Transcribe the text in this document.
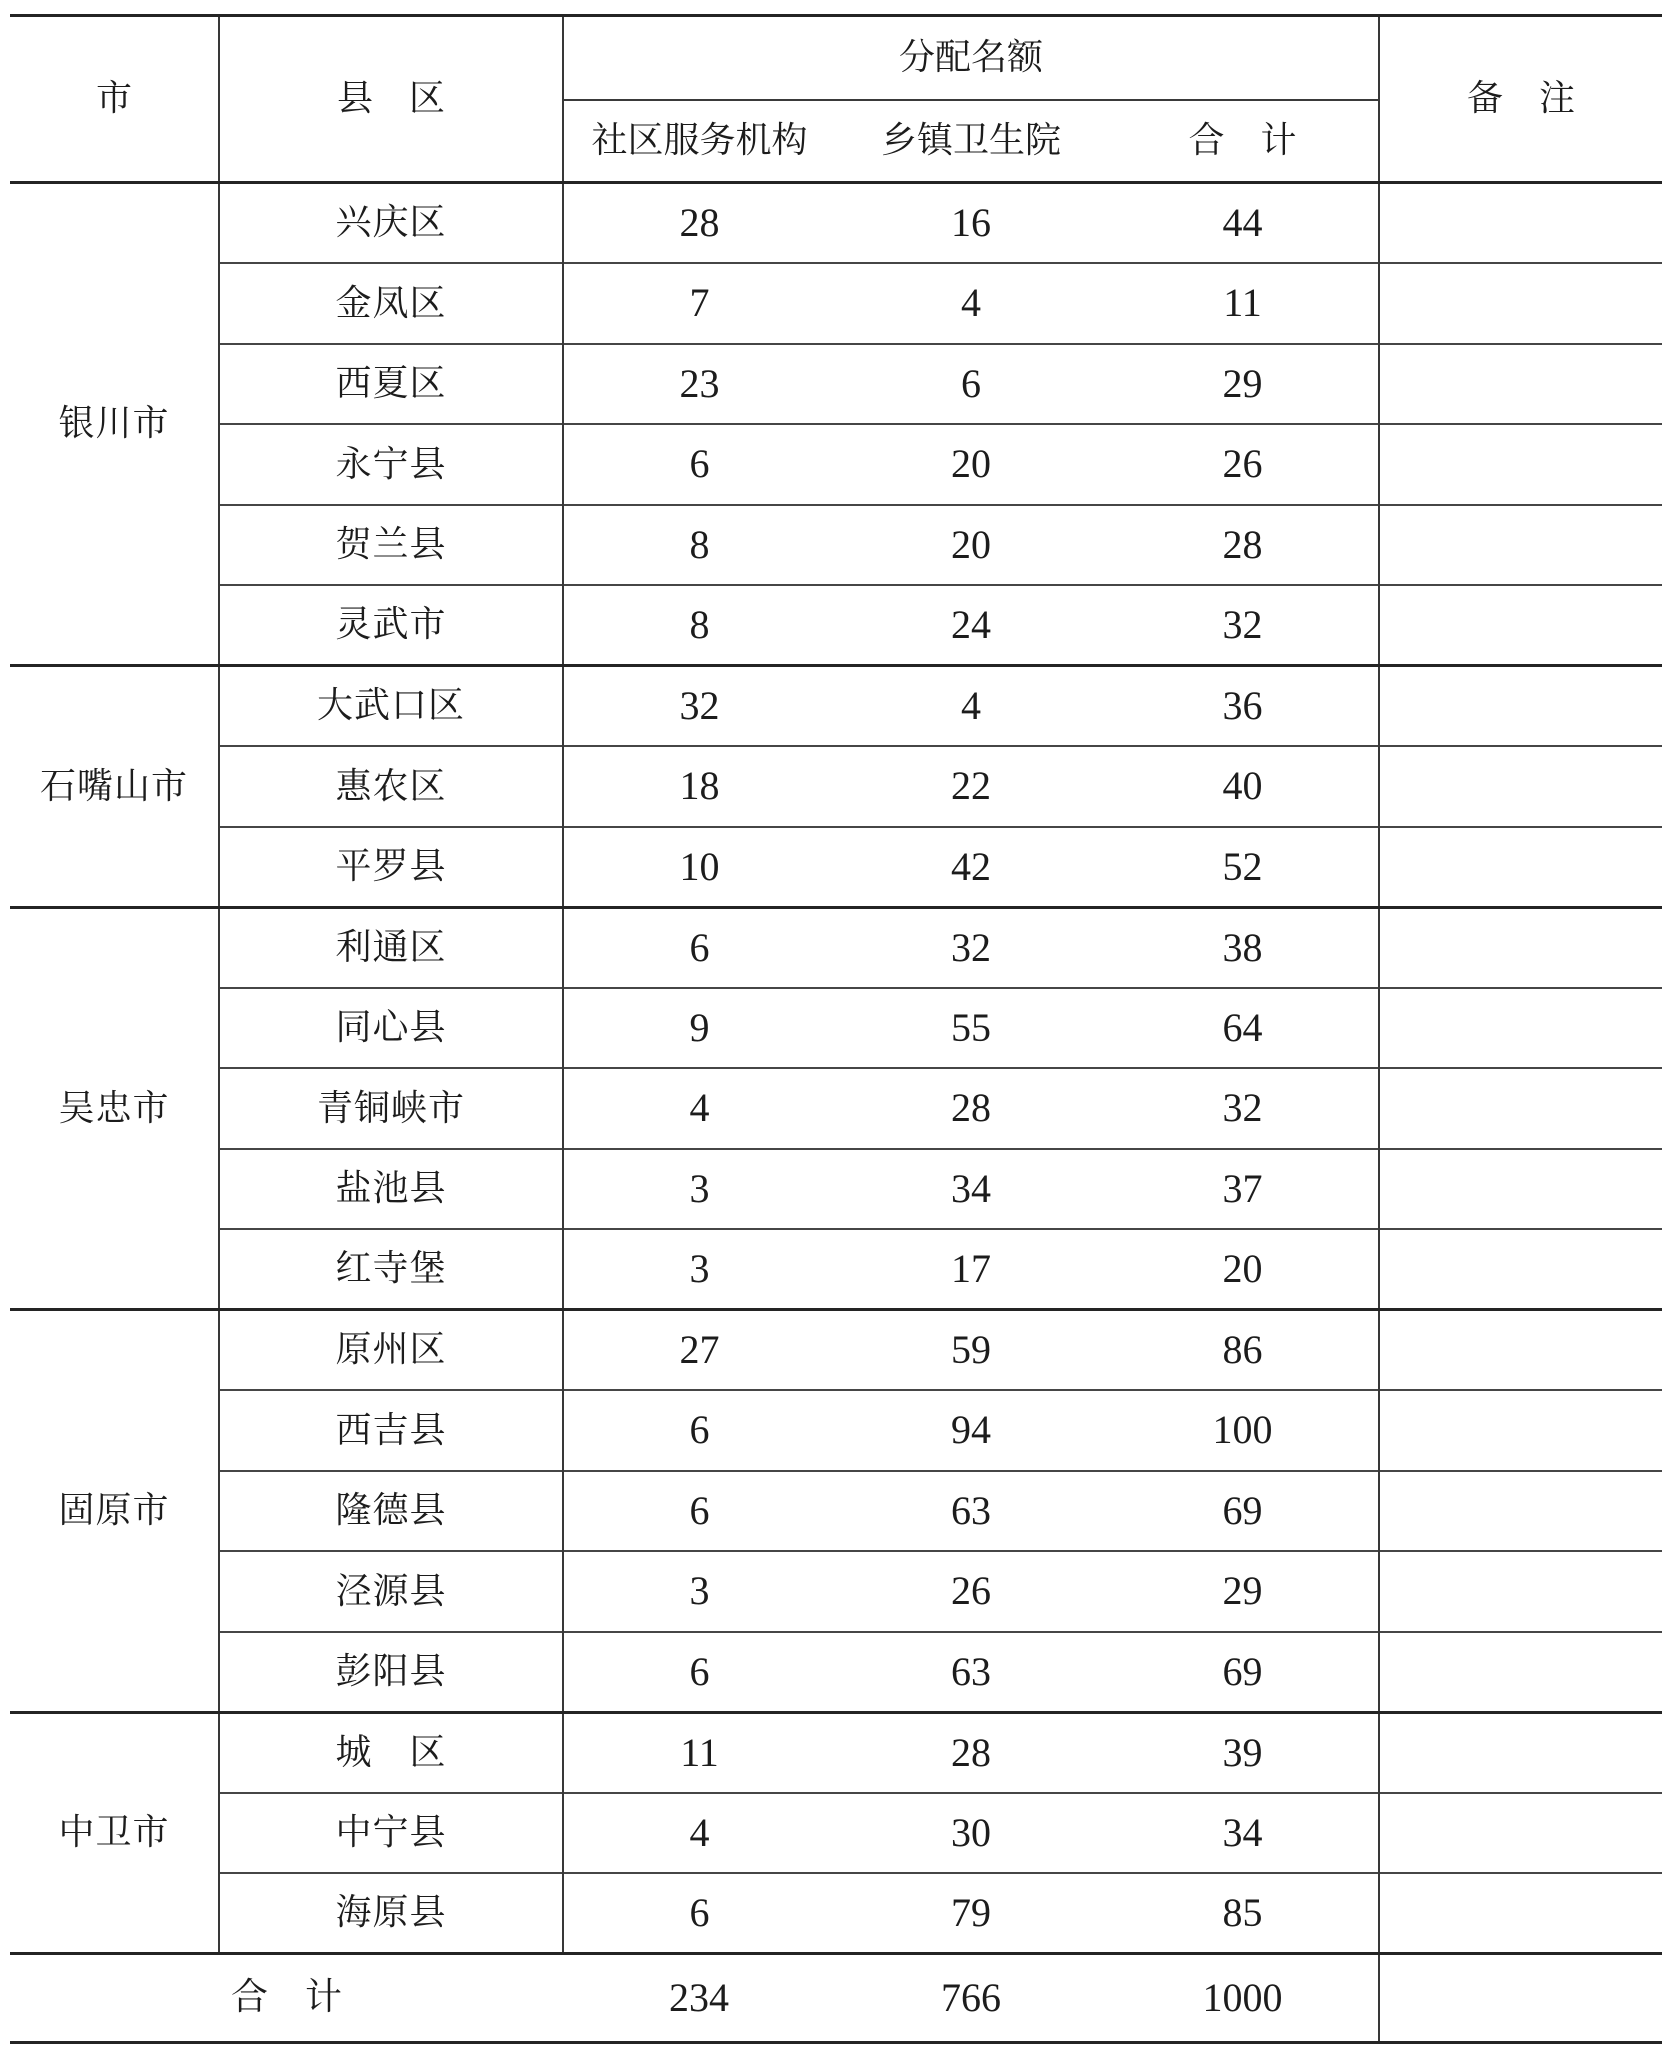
市	县　区	分配名额			备　注
		社区服务机构	乡镇卫生院	合　计	
银川市	兴庆区	28	16	44	
	金凤区	7	4	11	
	西夏区	23	6	29	
	永宁县	6	20	26	
	贺兰县	8	20	28	
	灵武市	8	24	32	
石嘴山市	大武口区	32	4	36	
	惠农区	18	22	40	
	平罗县	10	42	52	
吴忠市	利通区	6	32	38	
	同心县	9	55	64	
	青铜峡市	4	28	32	
	盐池县	3	34	37	
	红寺堡	3	17	20	
固原市	原州区	27	59	86	
	西吉县	6	94	100	
	隆德县	6	63	69	
	泾源县	3	26	29	
	彭阳县	6	63	69	
中卫市	城　区	11	28	39	
	中宁县	4	30	34	
	海原县	6	79	85	
合　计		234	766	1000	
